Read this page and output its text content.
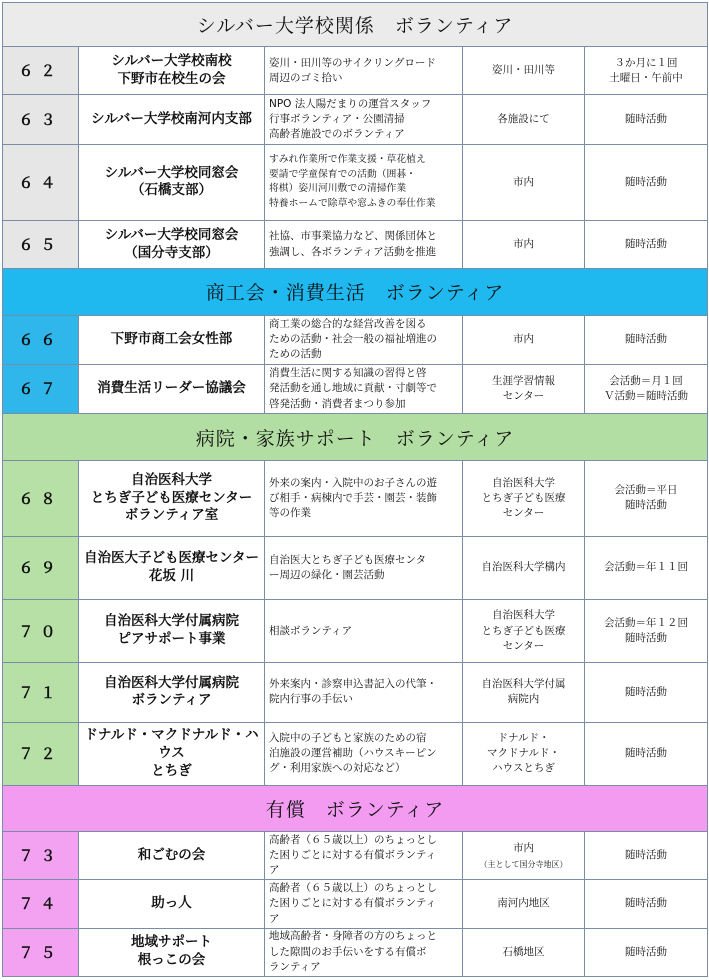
シルバー大学校関係　ボランティア				
６２	シルバー大学校南校
下野市在校生の会	姿川・田川等のサイクリングロード
周辺のゴミ拾い	姿川・田川等	３か月に１回
土曜日・午前中

６３	シルバー大学校南河内支部	NPO 法人陽だまりの運営スタッフ
行事ボランティア・公園清掃
高齢者施設でのボランティア	各施設にて	随時活動

６４	シルバー大学校同窓会
（石橋支部）	すみれ作業所で作業支援・草花植え
要請で学童保育での活動（囲碁・
将棋）姿川河川敷での清掃作業
特養ホームで除草や窓ふきの奉仕作業	市内	随時活動

６５	シルバー大学校同窓会
（国分寺支部）	社協、市事業協力など、関係団体と
強調し、各ボランティア活動を推進	市内	随時活動

商工会・消費生活　ボランティア				
６６	下野市商工会女性部	商工業の総合的な経営改善を図る
ための活動・社会一般の福祉増進の
ための活動	市内	随時活動

６７	消費生活リーダー協議会	消費生活に関する知識の習得と啓
発活動を通し地域に貢献・寸劇等で
啓発活動・消費者まつり参加	生涯学習情報
センター	会活動＝月１回
Ｖ活動＝随時活動

病院・家族サポート　ボランティア				
６８	自治医科大学
とちぎ子ども医療センター
ボランティア室	外来の案内・入院中のお子さんの遊
び相手・病棟内で手芸・園芸・装飾
等の作業	自治医科大学
とちぎ子ども医療
センター	会活動＝平日
随時活動

６９	自治医大子ども医療センター
花坂 川	自治医大とちぎ子ども医療センタ
ー周辺の緑化・園芸活動	自治医科大学構内	会活動＝年１１回

７０	自治医科大学付属病院
ピアサポート事業	相談ボランティア	自治医科大学
とちぎ子ども医療
センター	会活動＝年１２回
随時活動

７１	自治医科大学付属病院
ボランティア	外来案内・診察申込書記入の代筆・
院内行事の手伝い	自治医科大学付属
病院内	随時活動

７２	ドナルド・マクドナルド・ハウス
とちぎ	入院中の子どもと家族のための宿
泊施設の運営補助（ハウスキーピン
グ・利用家族への対応など）	ドナルド・
マクドナルド・
ハウスとちぎ	随時活動

有償　ボランティア				
７３	和ごむの会	高齢者（６５歳以上）のちょっとし
た困りごとに対する有償ボランティ
ア	市内
（主として国分寺地区）	随時活動

７４	助っ人	高齢者（６５歳以上）のちょっとし
た困りごとに対する有償ボランティ
ア	南河内地区	随時活動

７５	地域サポート
根っこの会	地域高齢者・身障者の方のちょっと
した隙間のお手伝いをする有償ボ
ランティア	石橋地区	随時活動
